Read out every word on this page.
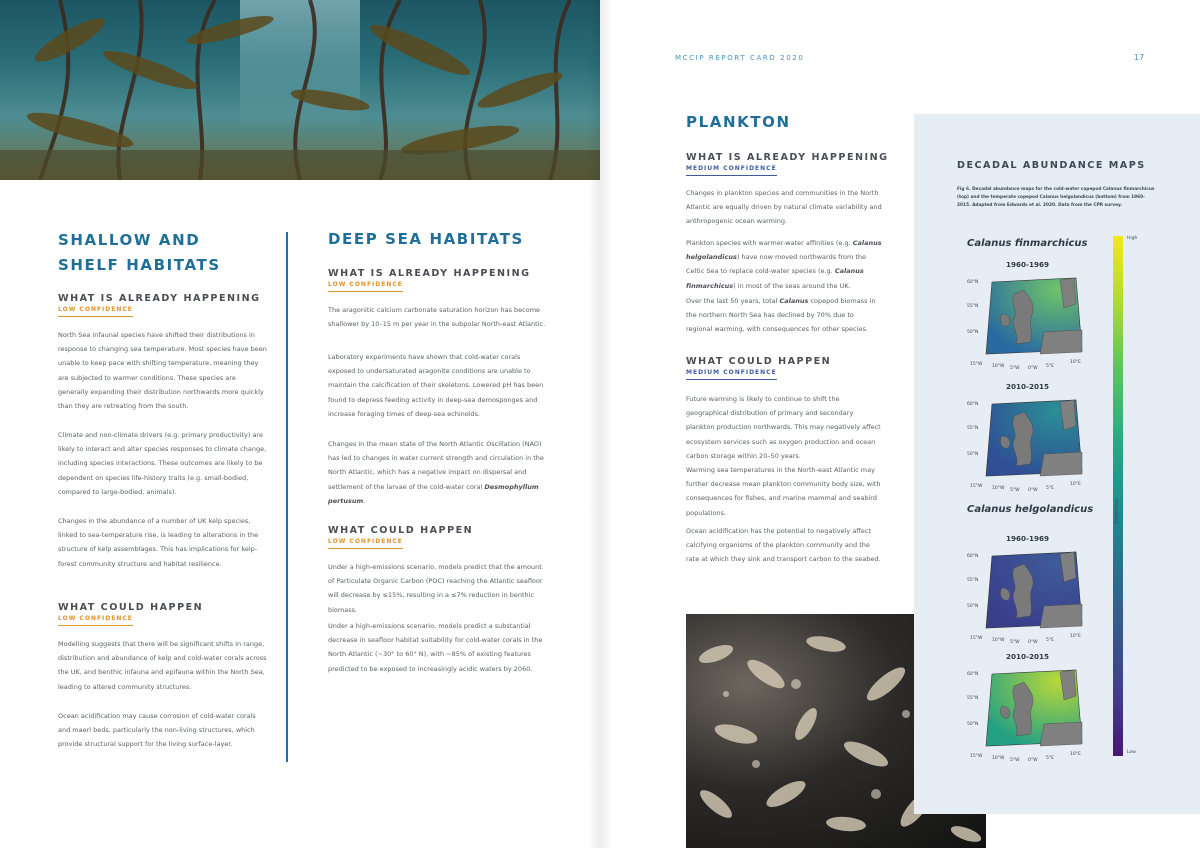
SHALLOW AND SHELF HABITATS
DEEP SEA HABITATS
WHAT IS ALREADY HAPPENING
LOW CONFIDENCE
North Sea infaunal species have shifted their distributions in response to changing sea temperature. Most species have been unable to keep pace with shifting temperature, meaning they are subjected to warmer conditions. These species are generally expanding their distribution northwards more quickly than they are retreating from the south.
Climate and non-climate drivers (e.g. primary productivity) are likely to interact and alter species responses to climate change, including species interactions. These outcomes are likely to be dependent on species life-history traits (e.g. small-bodied, compared to large-bodied, animals).
Changes in the abundance of a number of UK kelp species, linked to sea-temperature rise, is leading to alterations in the structure of kelp assemblages. This has implications for kelp-forest community structure and habitat resilience.
WHAT COULD HAPPEN
LOW CONFIDENCE
Modelling suggests that there will be significant shifts in range, distribution and abundance of kelp and cold-water corals across the UK, and benthic infauna and epifauna within the North Sea, leading to altered community structures.
Ocean acidification may cause corrosion of cold-water corals and maerl beds, particularly the non-living structures, which provide structural support for the living surface-layer.
WHAT IS ALREADY HAPPENING
LOW CONFIDENCE
The aragonitic calcium carbonate saturation horizon has become shallower by 10–15 m per year in the subpolar North-east Atlantic.
Laboratory experiments have shown that cold-water corals exposed to undersaturated aragonite conditions are unable to maintain the calcification of their skeletons. Lowered pH has been found to depress feeding activity in deep-sea demosponges and increase foraging times of deep-sea echinoids.
Changes in the mean state of the North Atlantic Oscillation (NAO) has led to changes in water current strength and circulation in the North Atlantic, which has a negative impact on dispersal and settlement of the larvae of the cold-water coral Desmophyllum pertusum.
WHAT COULD HAPPEN
LOW CONFIDENCE
Under a high-emissions scenario, models predict that the amount of Particulate Organic Carbon (POC) reaching the Atlantic seafloor will decrease by ≤15%, resulting in a ≤7% reduction in benthic biomass.
Under a high-emissions scenario, models predict a substantial decrease in seafloor habitat suitability for cold-water corals in the North Atlantic (~30° to 60° N), with ~85% of existing features predicted to be exposed to increasingly acidic waters by 2060.
MCCIP REPORT CARD 2020	17
PLANKTON
WHAT IS ALREADY HAPPENING
MEDIUM CONFIDENCE
Changes in plankton species and communities in the North Atlantic are equally driven by natural climate variability and anthropogenic ocean warming.
Plankton species with warmer-water affinities (e.g. Calanus helgolandicus) have now moved northwards from the Celtic Sea to replace cold-water species (e.g. Calanus finmarchicus) in most of the seas around the UK.
Over the last 50 years, total Calanus copepod biomass in the northern North Sea has declined by 70% due to regional warming, with consequences for other species.
WHAT COULD HAPPEN
MEDIUM CONFIDENCE
Future warming is likely to continue to shift the geographical distribution of primary and secondary plankton production northwards. This may negatively affect ecosystem services such as oxygen production and ocean carbon storage within 20–50 years.
Warming sea temperatures in the North-east Atlantic may further decrease mean plankton community body size, with consequences for fishes, and marine mammal and seabird populations.
Ocean acidification has the potential to negatively affect calcifying organisms of the plankton community and the rate at which they sink and transport carbon to the seabed.
DECADAL ABUNDANCE MAPS
Fig 6. Decadal abundance maps for the cold-water copepod Calanus finmarchicus (top) and the temperate copepod Calanus helgolandicus (bottom) from 1960-2015. Adapted from Edwards et al. 2020. Data from the CPR survey.
Calanus finmarchicus
Calanus helgolandicus
1960-1969
2010-2015
1960-1969
2010-2015
High
Low
Abundance
60°N
55°N
50°N
15°W 10°W 5°W 0°W 5°E
10°E
60°N
55°N
50°N
15°W 10°W 5°W 0°W 5°E
10°E
60°N
55°N
50°N
15°W 10°W 5°W 0°W 5°E
10°E
60°N
55°N
50°N
15°W 10°W 5°W 0°W 5°E
10°E
